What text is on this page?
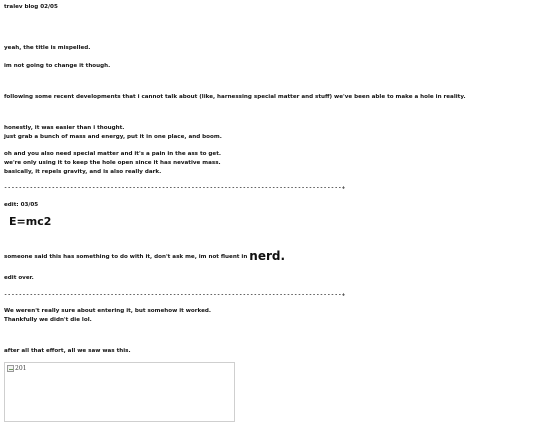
tralev blog 02/05
yeah, the title is mispelled.
im not going to change it though.
following some recent developments that i cannot talk about (like, harnessing special matter and stuff) we've been able to make a hole in reality.
honestly, it was easier than i thought.
just grab a bunch of mass and energy, put it in one place, and boom.
oh and you also need special matter and it's a pain in the ass to get.
we're only using it to keep the hole open since it has nevative mass.
basically, it repels gravity, and is also really dark.
--------------------------------------------------------------------------------------------+
edit: 03/05
E=mc2
someone said this has something to do with it, don't ask me, im not fluent in nerd.
edit over.
--------------------------------------------------------------------------------------------+
We weren't really sure about entering it, but somehow it worked.
Thankfully we didn't die lol.
after all that effort, all we saw was this.
201
